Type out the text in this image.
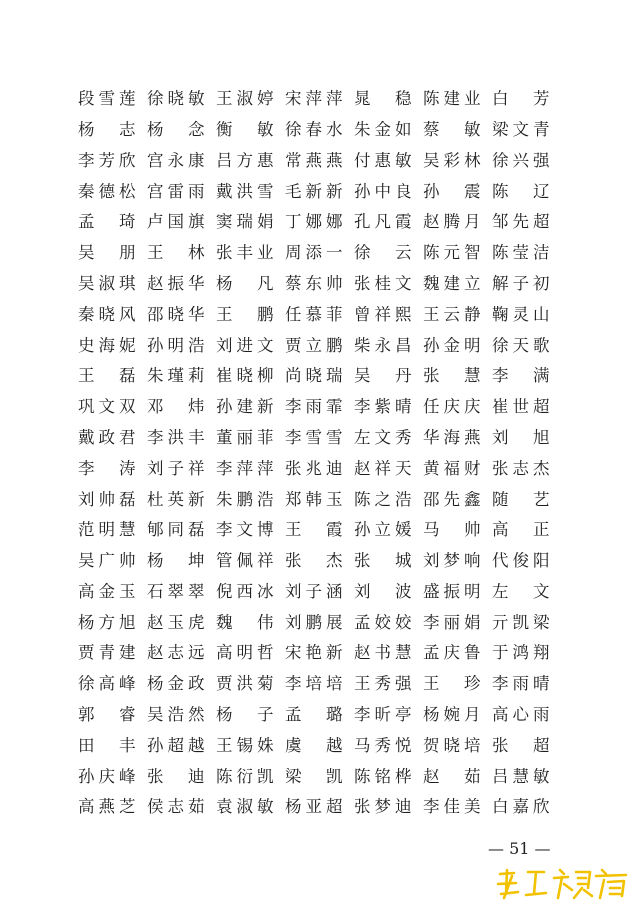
段雪莲 徐晓敏 王淑婷 宋萍萍 晁 稳 陈建业 白 芳
杨 志 杨 念 衡 敏 徐春水 朱金如 蔡 敏 梁文青
李芳欣 宫永康 吕方惠 常燕燕 付惠敏 吴彩林 徐兴强
秦德松 宫雷雨 戴洪雪 毛新新 孙中良 孙 震 陈 辽
孟 琦 卢国旗 窦瑞娟 丁娜娜 孔凡霞 赵腾月 邹先超
吴 朋 王 林 张丰业 周添一 徐 云 陈元智 陈莹洁
吴淑琪 赵振华 杨 凡 蔡东帅 张桂文 魏建立 解子初
秦晓风 邵晓华 王 鹏 任慕菲 曾祥熙 王云静 鞠灵山
史海妮 孙明浩 刘进文 贾立鹏 柴永昌 孙金明 徐天歌
王 磊 朱瑾莉 崔晓柳 尚晓瑞 吴 丹 张 慧 李 满
巩文双 邓 炜 孙建新 李雨霏 李紫晴 任庆庆 崔世超
戴政君 李洪丰 董丽菲 李雪雪 左文秀 华海燕 刘 旭
李 涛 刘子祥 李萍萍 张兆迪 赵祥天 黄福财 张志杰
刘帅磊 杜英新 朱鹏浩 郑韩玉 陈之浩 邵先鑫 随 艺
范明慧 郇同磊 李文博 王 霞 孙立媛 马 帅 高 正
吴广帅 杨 坤 管佩祥 张 杰 张 城 刘梦响 代俊阳
高金玉 石翠翠 倪西冰 刘子涵 刘 波 盛振明 左 文
杨方旭 赵玉虎 魏 伟 刘鹏展 孟姣姣 李丽娟 亓凯梁
贾青建 赵志远 高明哲 宋艳新 赵书慧 孟庆鲁 于鸿翔
徐高峰 杨金政 贾洪菊 李培培 王秀强 王 珍 李雨晴
郭 睿 吴浩然 杨 子 孟 璐 李昕亭 杨婉月 高心雨
田 丰 孙超越 王锡姝 虞 越 马秀悦 贺晓培 张 超
孙庆峰 张 迪 陈衍凯 梁 凯 陈铭桦 赵 茹 吕慧敏
高燕芝 侯志茹 袁淑敏 杨亚超 张梦迪 李佳美 白嘉欣
— 51 —
